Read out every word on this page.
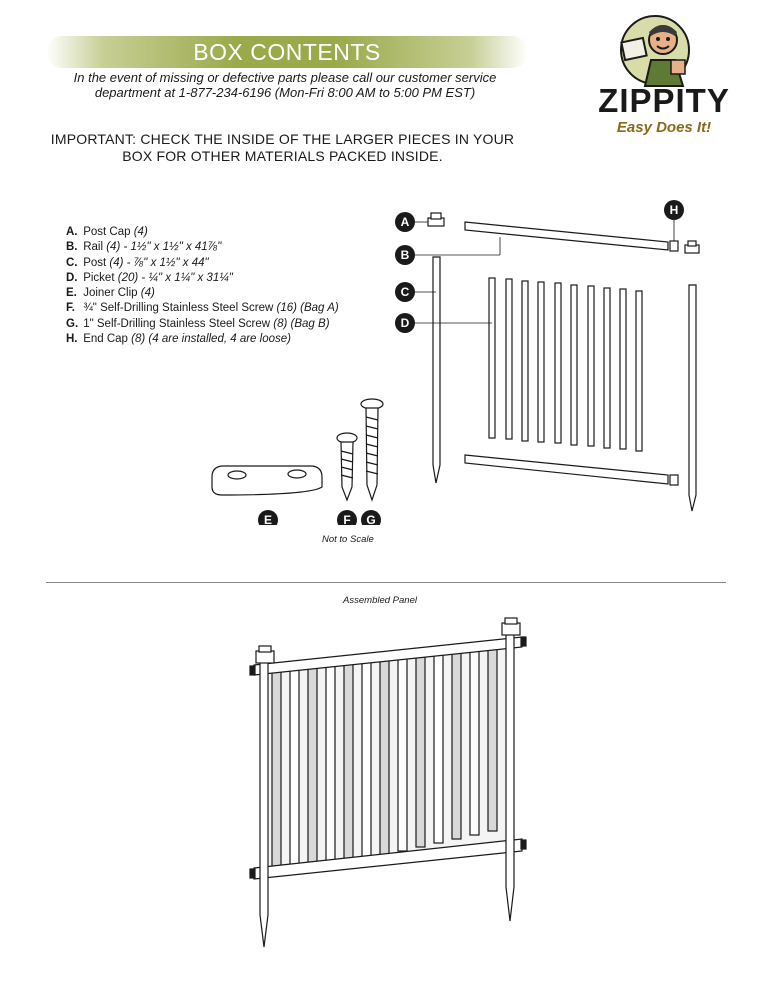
BOX CONTENTS
In the event of missing or defective parts please call our customer service
department at 1-877-234-6196 (Mon-Fri 8:00 AM to 5:00 PM EST)
IMPORTANT: CHECK THE INSIDE OF THE LARGER PIECES IN YOUR
BOX FOR OTHER MATERIALS PACKED INSIDE.
ZIPPITY
Easy Does It!
A. Post Cap (4)
B. Rail (4) - 1½" x 1½" x 41⅞"
C. Post (4) - ⅞" x 1½" x 44"
D. Picket (20) - ¼" x 1¼" x 31¼"
E. Joiner Clip (4)
F. ¾" Self-Drilling Stainless Steel Screw (16) (Bag A)
G. 1" Self-Drilling Stainless Steel Screw (8) (Bag B)
H. End Cap (8) (4 are installed, 4 are loose)
A
B
C
D
H
E	F G
Not to Scale
Assembled Panel
